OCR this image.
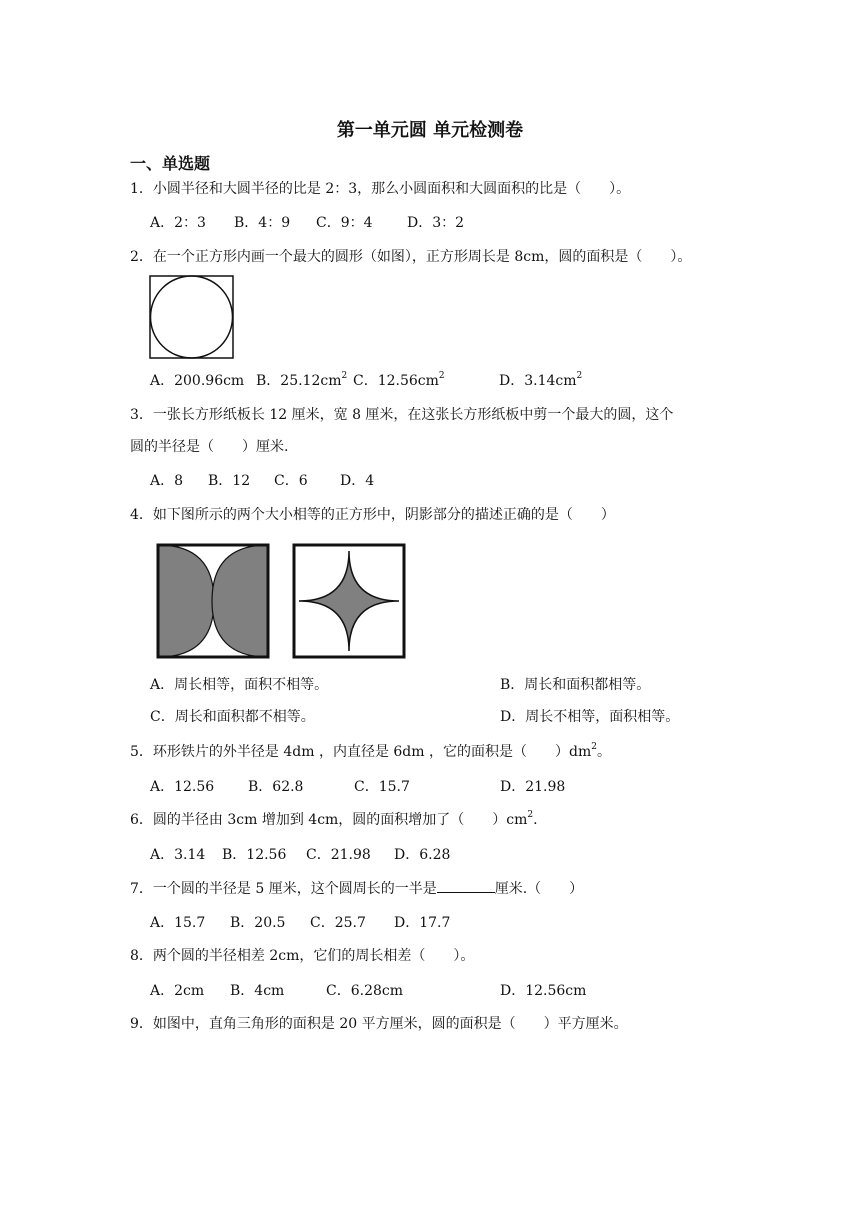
第一单元圆 单元检测卷
一、单选题
1．小圆半径和大圆半径的比是 2：3，那么小圆面积和大圆面积的比是（　　）。
A．2：3 B．4：9 C．9：4 D．3：2
2．在一个正方形内画一个最大的圆形（如图），正方形周长是 8cm，圆的面积是（　　）。
A．200.96cm B．$25.12cm^2$ C．$12.56cm^2$	D．$3.14cm^2$
3．一张长方形纸板长 12 厘米，宽 8 厘米，在这张长方形纸板中剪一个最大的圆，这个
圆的半径是（　　）厘米.
A．8 B．12 C．6 D．4
4．如下图所示的两个大小相等的正方形中，阴影部分的描述正确的是（　　）
A．周长相等，面积不相等。	B．周长和面积都相等。
C．周长和面积都不相等。	D．周长不相等，面积相等。
5．环形铁片的外半径是 4dm ，内直径是 6dm ，它的面积是（　　）$dm^2$。
A．12.56 B．62.8	C．15.7	D．21.98
6．圆的半径由 3cm 增加到 4cm，圆的面积增加了（　　）$cm^2$.
A．3.14 B．12.56 C．21.98 D．6.28
7．一个圆的半径是 5 厘米，这个圆周长的一半是	厘米.（　　）
A．15.7 B．20.5 C．25.7 D．17.7
8．两个圆的半径相差 2cm，它们的周长相差（　　）。
A．2cm B．4cm	C．6.28cm	D．12.56cm
9．如图中，直角三角形的面积是 20 平方厘米，圆的面积是（　　）平方厘米。
